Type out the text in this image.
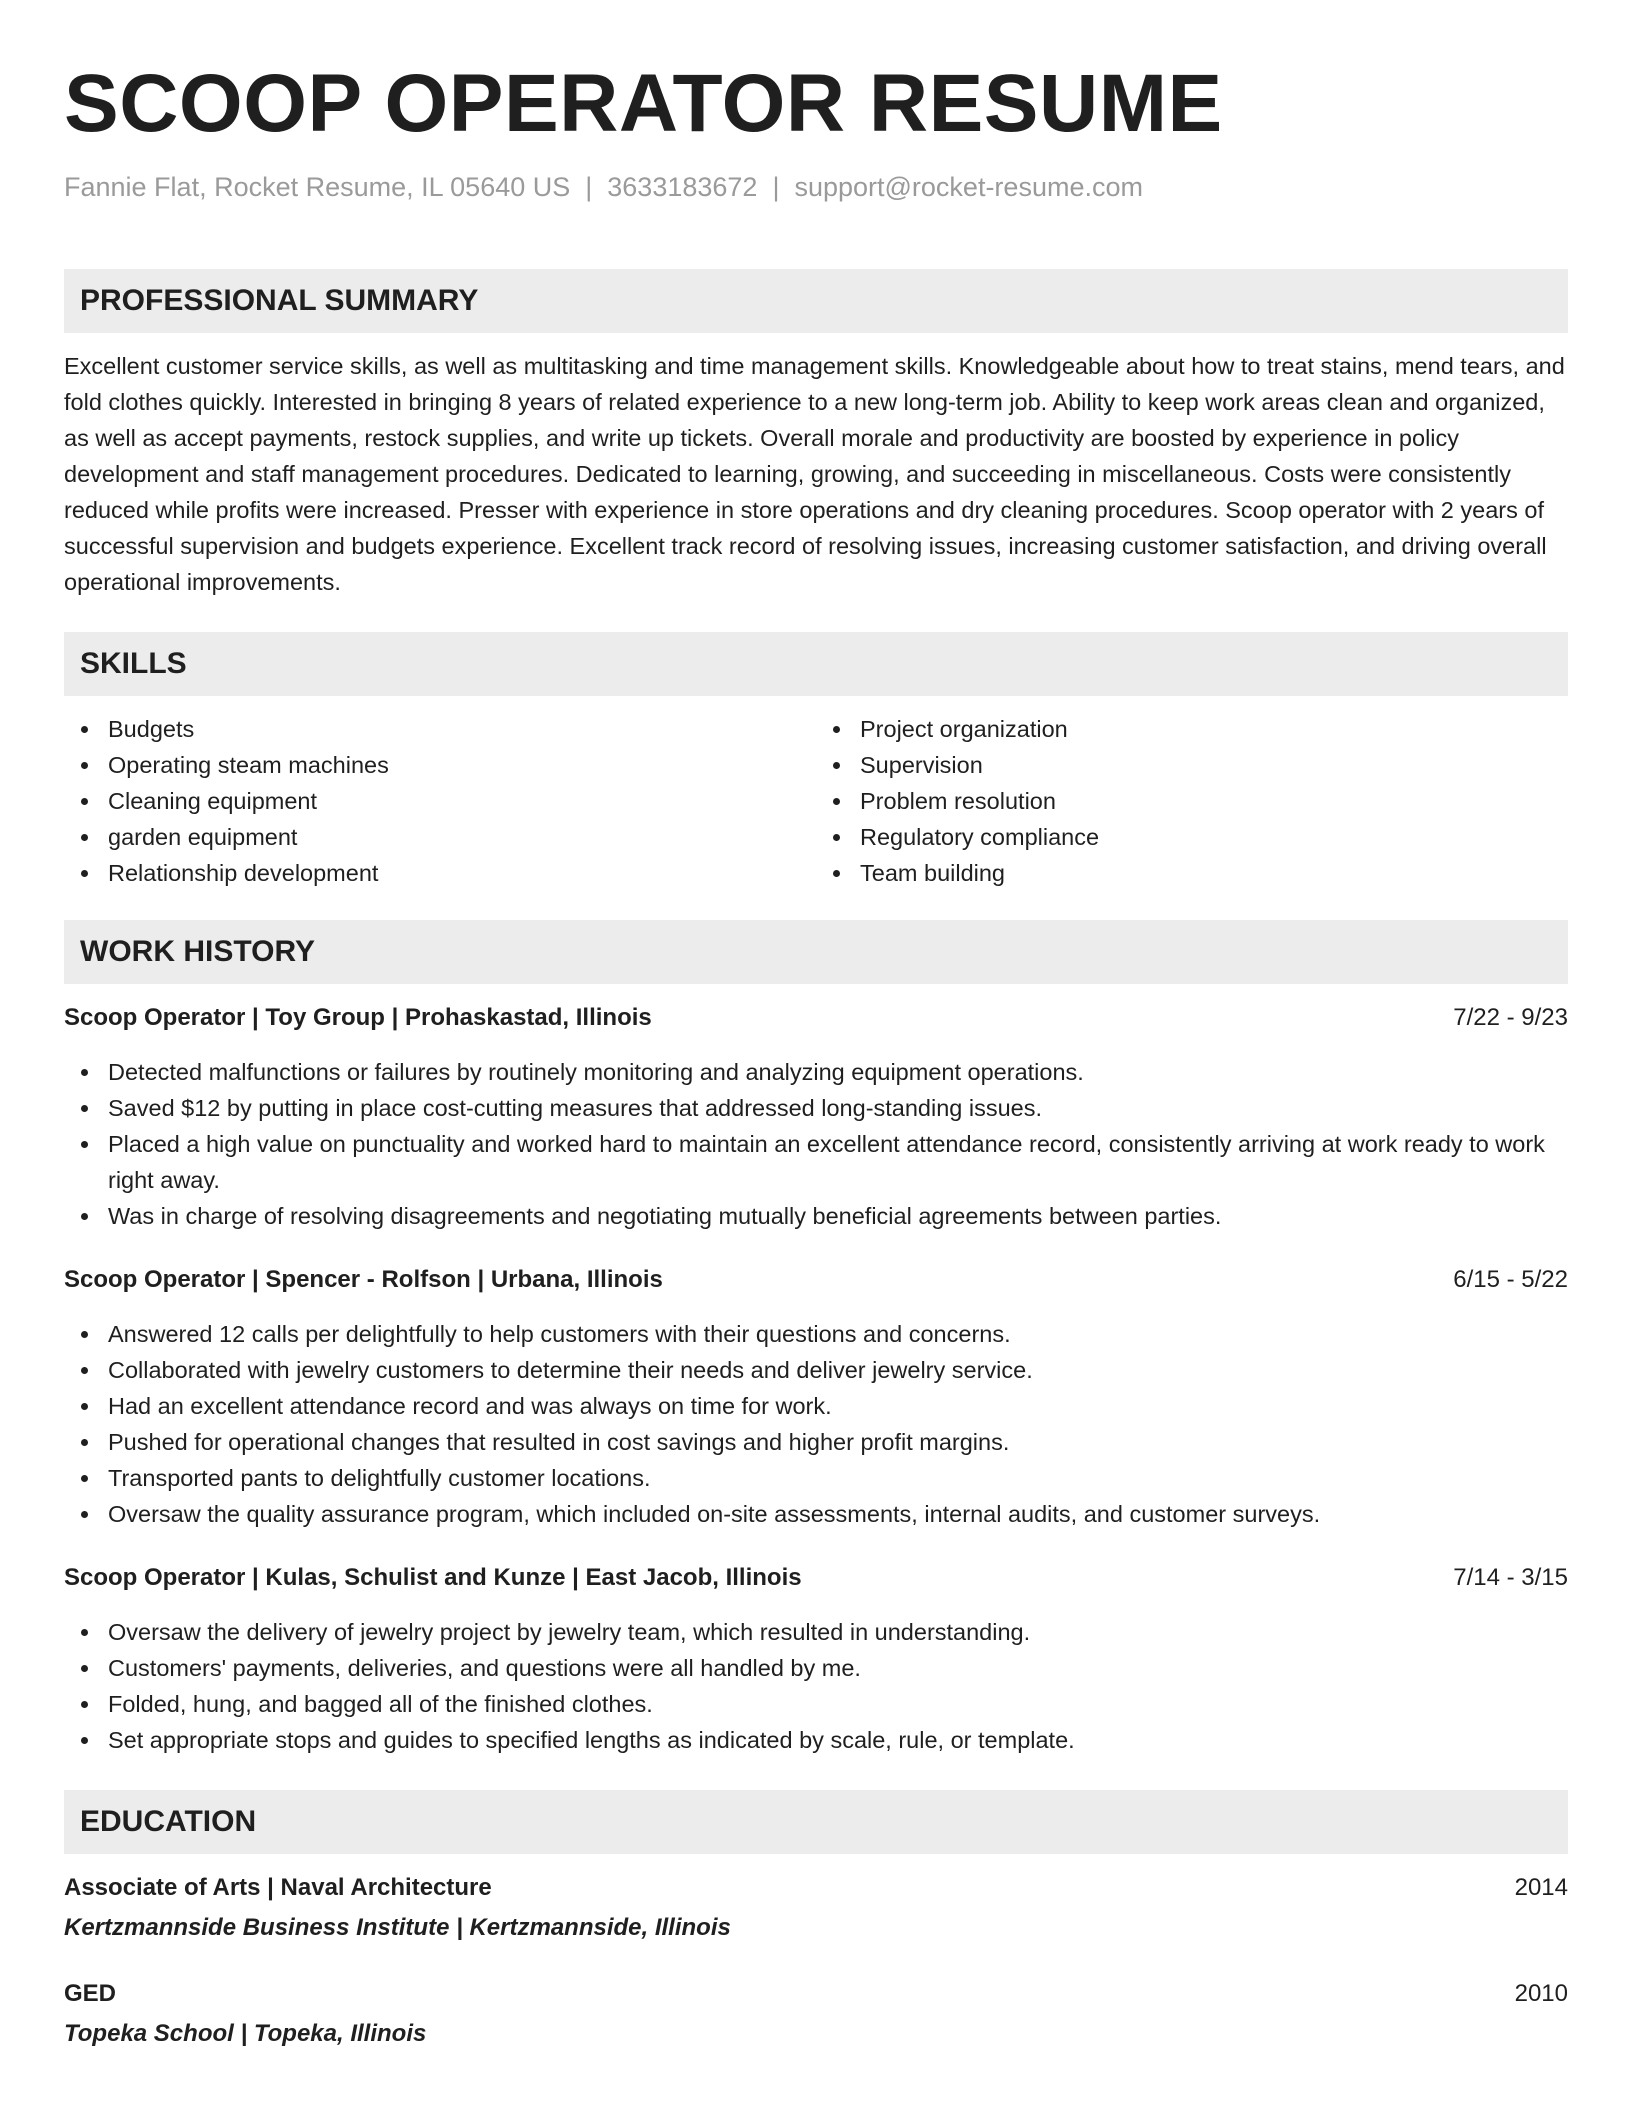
SCOOP OPERATOR RESUME
Fannie Flat, Rocket Resume, IL 05640 US | 3633183672 | support@rocket-resume.com
PROFESSIONAL SUMMARY

Excellent customer service skills, as well as multitasking and time management skills. Knowledgeable about how to treat stains, mend tears, and fold clothes quickly. Interested in bringing 8 years of related experience to a new long-term job. Ability to keep work areas clean and organized, as well as accept payments, restock supplies, and write up tickets. Overall morale and productivity are boosted by experience in policy development and staff management procedures. Dedicated to learning, growing, and succeeding in miscellaneous. Costs were consistently reduced while profits were increased. Presser with experience in store operations and dry cleaning procedures. Scoop operator with 2 years of successful supervision and budgets experience. Excellent track record of resolving issues, increasing customer satisfaction, and driving overall operational improvements.

SKILLS
Budgets
Operating steam machines
Cleaning equipment
garden equipment
Relationship development
Project organization
Supervision
Problem resolution
Regulatory compliance
Team building
WORK HISTORY
Scoop Operator | Toy Group | Prohaskastad, Illinois	7/22 - 9/23
Detected malfunctions or failures by routinely monitoring and analyzing equipment operations.
Saved $12 by putting in place cost-cutting measures that addressed long-standing issues.
Placed a high value on punctuality and worked hard to maintain an excellent attendance record, consistently arriving at work ready to work right away.
Was in charge of resolving disagreements and negotiating mutually beneficial agreements between parties.
Scoop Operator | Spencer - Rolfson | Urbana, Illinois	6/15 - 5/22
Answered 12 calls per delightfully to help customers with their questions and concerns.
Collaborated with jewelry customers to determine their needs and deliver jewelry service.
Had an excellent attendance record and was always on time for work.
Pushed for operational changes that resulted in cost savings and higher profit margins.
Transported pants to delightfully customer locations.
Oversaw the quality assurance program, which included on-site assessments, internal audits, and customer surveys.
Scoop Operator | Kulas, Schulist and Kunze | East Jacob, Illinois	7/14 - 3/15
Oversaw the delivery of jewelry project by jewelry team, which resulted in understanding.
Customers' payments, deliveries, and questions were all handled by me.
Folded, hung, and bagged all of the finished clothes.
Set appropriate stops and guides to specified lengths as indicated by scale, rule, or template.
EDUCATION
Associate of Arts | Naval Architecture	2014
Kertzmannside Business Institute | Kertzmannside, Illinois
GED	2010
Topeka School | Topeka, Illinois
